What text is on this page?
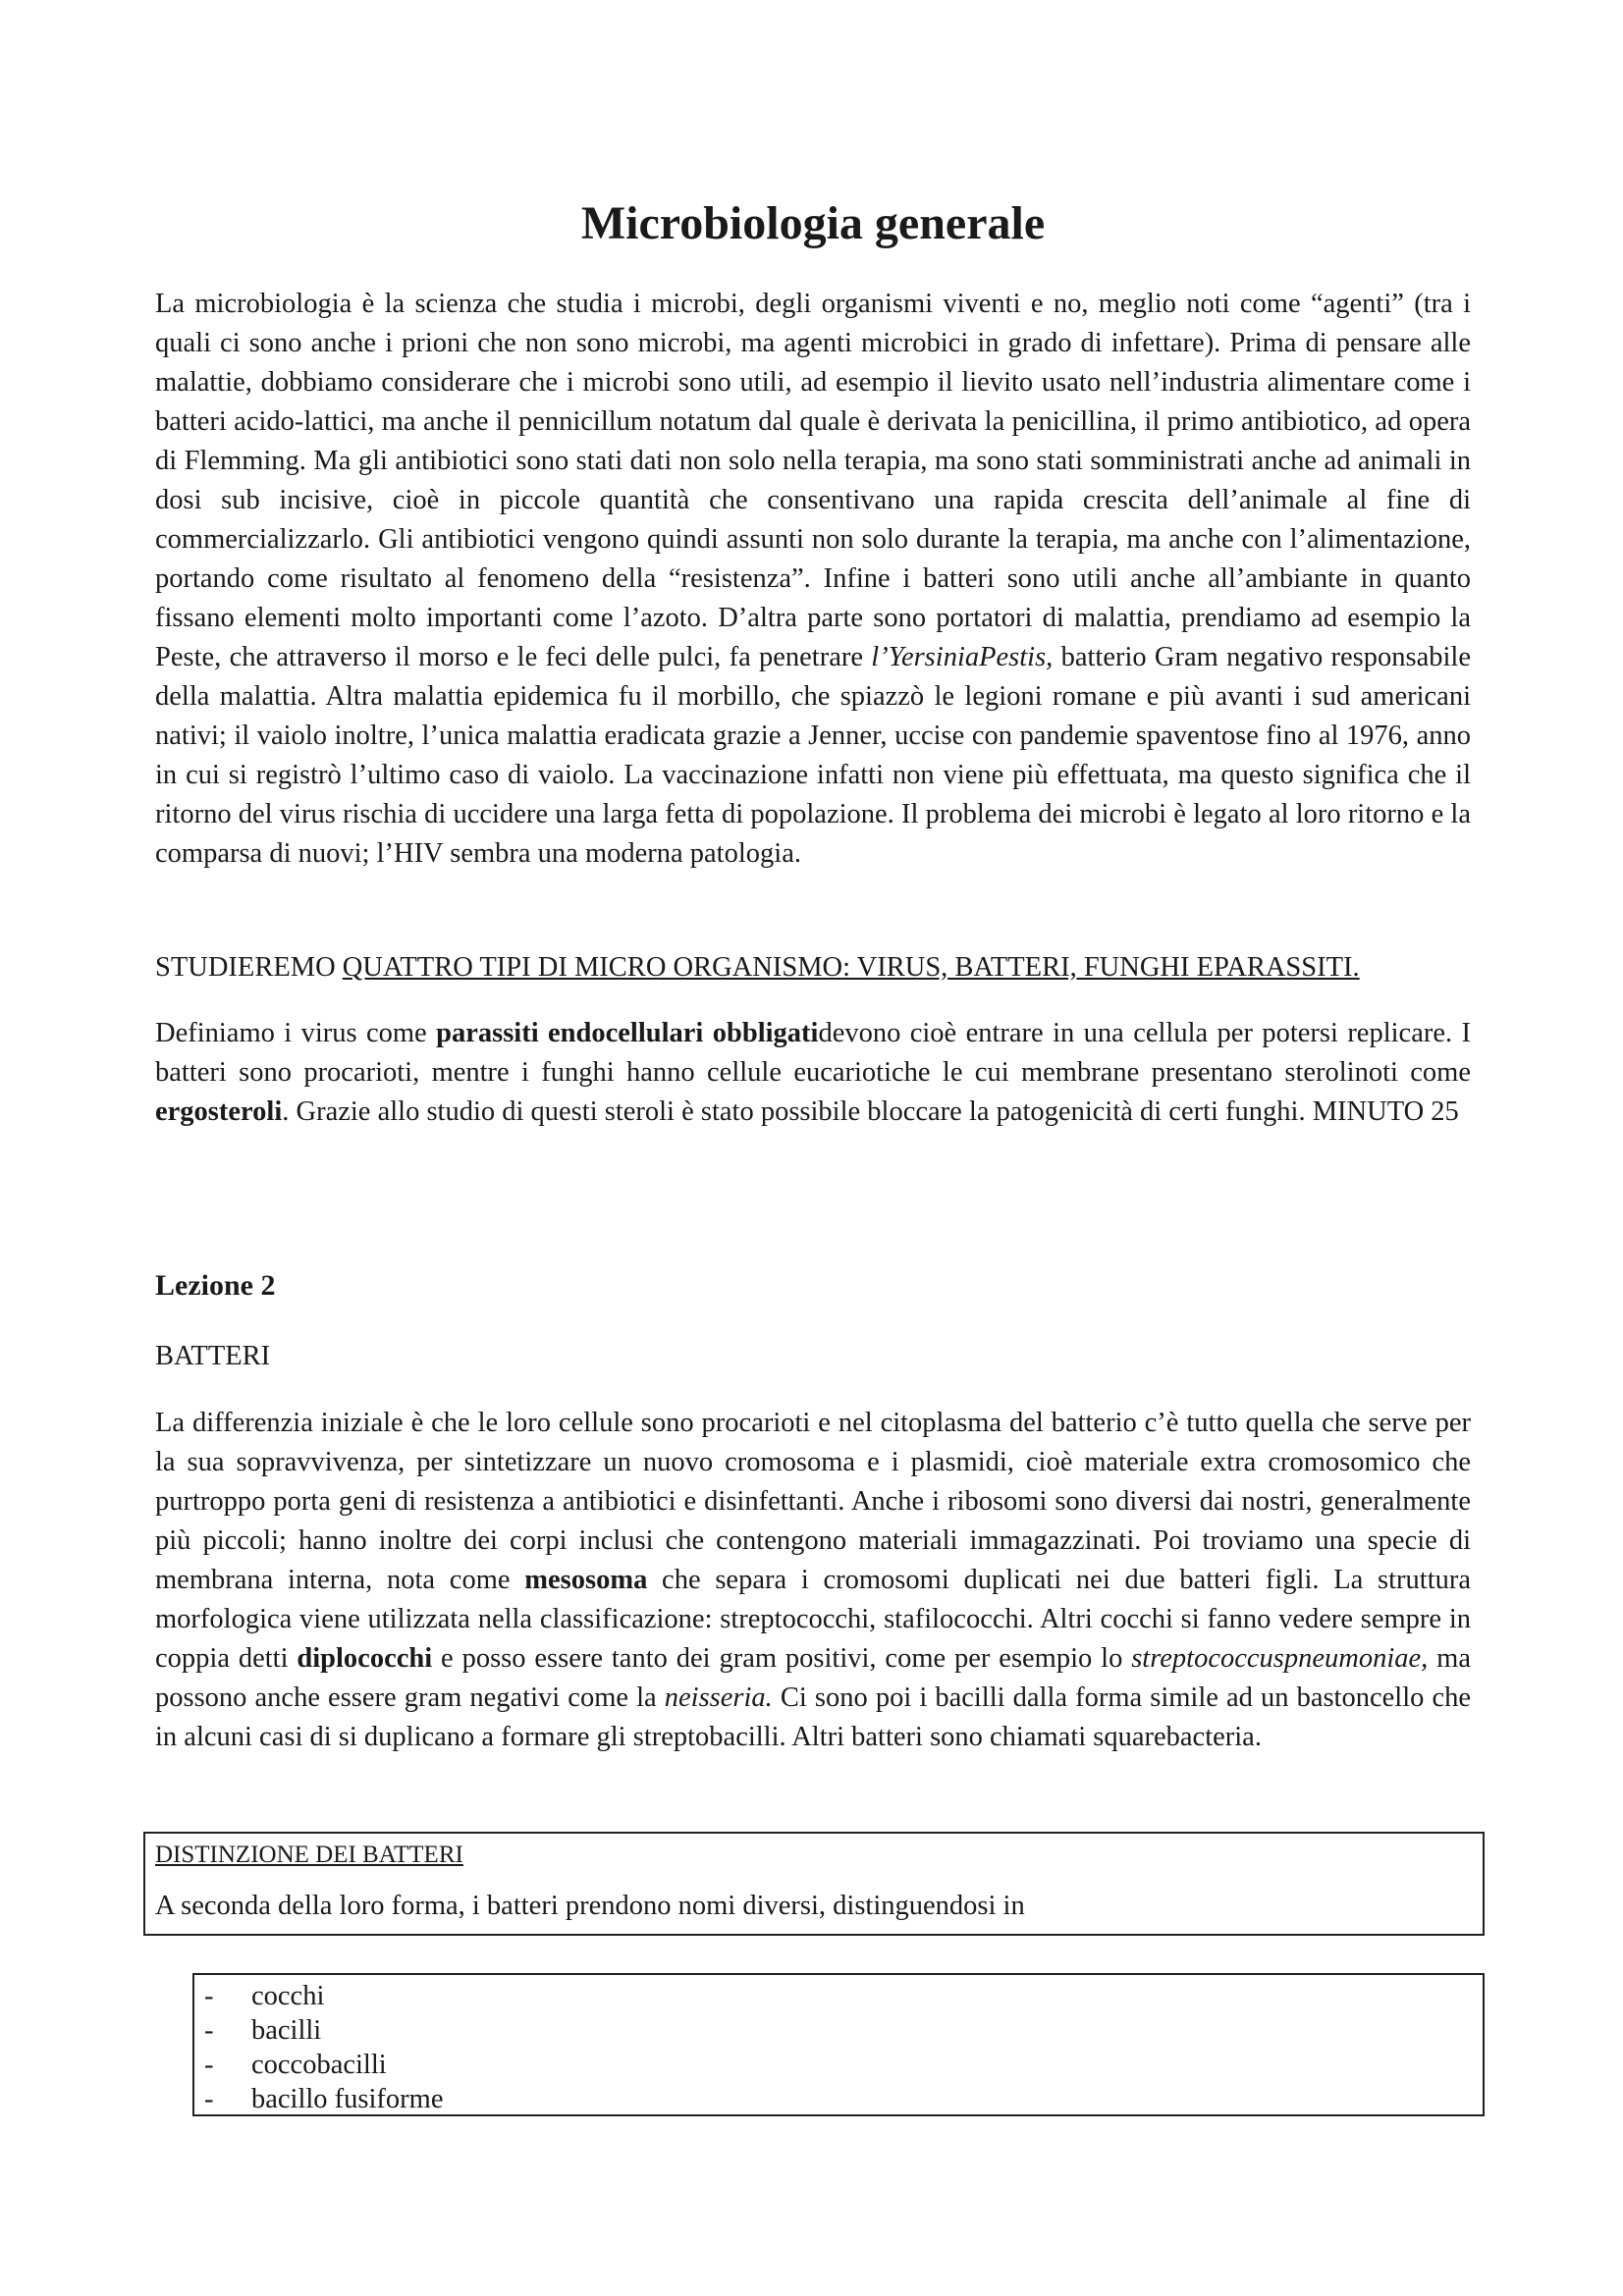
Microbiologia generale

La microbiologia è la scienza che studia i microbi, degli organismi viventi e no, meglio noti come “agenti” (tra i quali ci sono anche i prioni che non sono microbi, ma agenti microbici in grado di infettare). Prima di pensare alle malattie, dobbiamo considerare che i microbi sono utili, ad esempio il lievito usato nell’industria alimentare come i batteri acido-lattici, ma anche il pennicillum notatum dal quale è derivata la penicillina, il primo antibiotico, ad opera di Flemming. Ma gli antibiotici sono stati dati non solo nella terapia, ma sono stati somministrati anche ad animali in dosi sub incisive, cioè in piccole quantità che consentivano una rapida crescita dell’animale al fine di commercializzarlo. Gli antibiotici vengono quindi assunti non solo durante la terapia, ma anche con l’alimentazione, portando come risultato al fenomeno della “resistenza”. Infine i batteri sono utili anche all’ambiante in quanto fissano elementi molto importanti come l’azoto. D’altra parte sono portatori di malattia, prendiamo ad esempio la Peste, che attraverso il morso e le feci delle pulci, fa penetrare l’YersiniaPestis, batterio Gram negativo responsabile della malattia. Altra malattia epidemica fu il morbillo, che spiazzò le legioni romane e più avanti i sud americani nativi; il vaiolo inoltre, l’unica malattia eradicata grazie a Jenner, uccise con pandemie spaventose fino al 1976, anno in cui si registrò l’ultimo caso di vaiolo. La vaccinazione infatti non viene più effettuata, ma questo significa che il ritorno del virus rischia di uccidere una larga fetta di popolazione. Il problema dei microbi è legato al loro ritorno e la comparsa di nuovi; l’HIV sembra una moderna patologia.

STUDIEREMO QUATTRO TIPI DI MICRO ORGANISMO: VIRUS, BATTERI, FUNGHI EPARASSITI.

Definiamo i virus come parassiti endocellulari obbligatidevono cioè entrare in una cellula per potersi replicare. I batteri sono procarioti, mentre i funghi hanno cellule eucariotiche le cui membrane presentano sterolinoti come ergosteroli. Grazie allo studio di questi steroli è stato possibile bloccare la patogenicità di certi funghi. MINUTO 25

Lezione 2

BATTERI

La differenzia iniziale è che le loro cellule sono procarioti e nel citoplasma del batterio c’è tutto quella che serve per la sua sopravvivenza, per sintetizzare un nuovo cromosoma e i plasmidi, cioè materiale extra cromosomico che purtroppo porta geni di resistenza a antibiotici e disinfettanti. Anche i ribosomi sono diversi dai nostri, generalmente più piccoli; hanno inoltre dei corpi inclusi che contengono materiali immagazzinati. Poi troviamo una specie di membrana interna, nota come mesosoma che separa i cromosomi duplicati nei due batteri figli. La struttura morfologica viene utilizzata nella classificazione: streptococchi, stafilococchi. Altri cocchi si fanno vedere sempre in coppia detti diplococchi e posso essere tanto dei gram positivi, come per esempio lo streptococcuspneumoniae, ma possono anche essere gram negativi come la neisseria. Ci sono poi i bacilli dalla forma simile ad un bastoncello che in alcuni casi di si duplicano a formare gli streptobacilli. Altri batteri sono chiamati squarebacteria.

DISTINZIONE DEI BATTERI

A seconda della loro forma, i batteri prendono nomi diversi, distinguendosi in

- cocchi
- bacilli
- coccobacilli
- bacillo fusiforme
